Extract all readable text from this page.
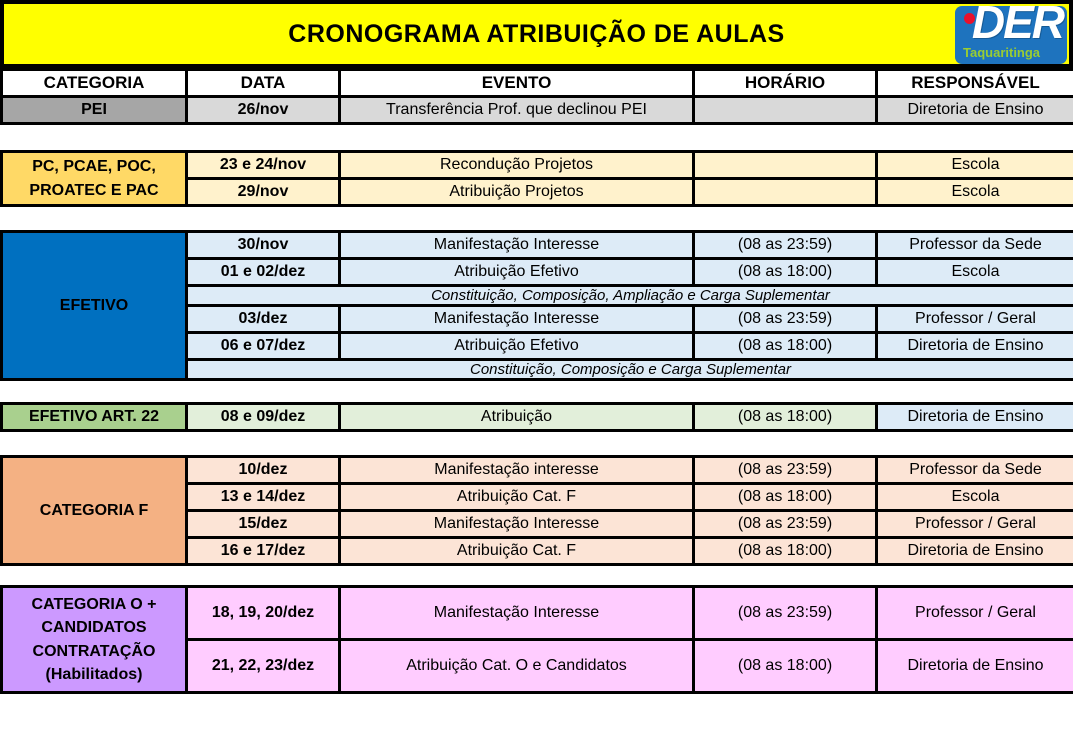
CRONOGRAMA ATRIBUIÇÃO DE AULAS	DER
Taquaritinga
CATEGORIA	DATA	EVENTO	HORÁRIO	RESPONSÁVEL
PEI	26/nov	Transferência Prof. que declinou PEI		Diretoria de Ensino
PC, PCAE, POC,
PROATEC E PAC	23 e 24/nov	Recondução Projetos		Escola
	29/nov	Atribuição Projetos		Escola
EFETIVO	30/nov	Manifestação Interesse	(08 as 23:59)	Professor da Sede
	01 e 02/dez	Atribuição Efetivo	(08 as 18:00)	Escola
	Constituição, Composição, Ampliação e Carga Suplementar			
	03/dez	Manifestação Interesse	(08 as 23:59)	Professor / Geral
	06 e 07/dez	Atribuição Efetivo	(08 as 18:00)	Diretoria de Ensino
	Constituição, Composição e Carga Suplementar			
EFETIVO ART. 22	08 e 09/dez	Atribuição	(08 as 18:00)	Diretoria de Ensino
CATEGORIA F	10/dez	Manifestação interesse	(08 as 23:59)	Professor da Sede
	13 e 14/dez	Atribuição Cat. F	(08 as 18:00)	Escola
	15/dez	Manifestação Interesse	(08 as 23:59)	Professor / Geral
	16 e 17/dez	Atribuição Cat. F	(08 as 18:00)	Diretoria de Ensino
CATEGORIA O +
CANDIDATOS
CONTRATAÇÃO
(Habilitados)	18, 19, 20/dez	Manifestação Interesse	(08 as 23:59)	Professor / Geral
	21, 22, 23/dez	Atribuição Cat. O e Candidatos	(08 as 18:00)	Diretoria de Ensino
